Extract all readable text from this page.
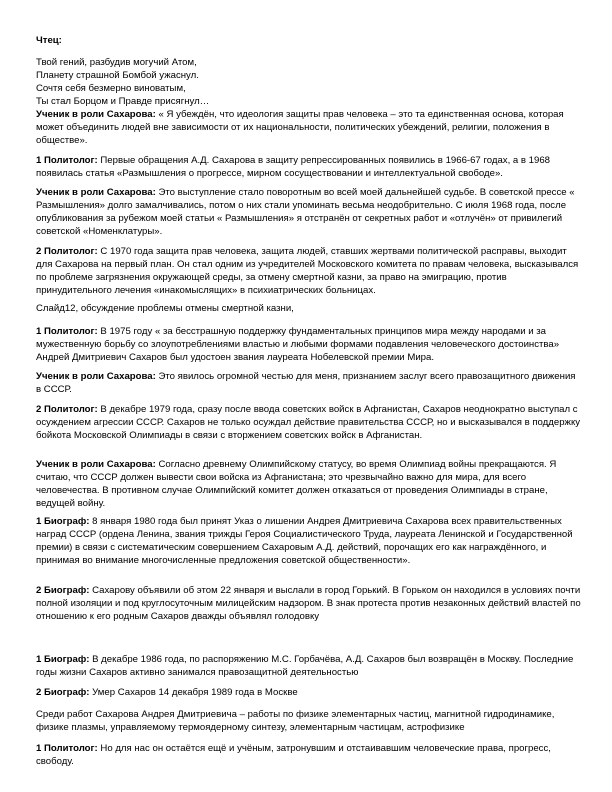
Чтец:
Твой гений, разбудив могучий Атом,
Планету страшной Бомбой ужаснул.
Сочтя себя безмерно виноватым,
Ты стал Борцом и Правде присягнул…

Ученик в роли Сахарова: « Я убеждён, что идеология защиты прав человека – это та единственная основа, которая может объединить людей вне зависимости от их национальности, политических убеждений, религии, положения в обществе».

1 Политолог: Первые обращения А.Д. Сахарова в защиту репрессированных появились в 1966-67 годах, а в 1968 появилась статья «Размышления о прогрессе, мирном сосуществовании и интеллектуальной свободе».

Ученик в роли Сахарова: Это выступление стало поворотным во всей моей дальнейшей судьбе. В советской прессе « Размышления» долго замалчивались, потом о них стали упоминать весьма неодобрительно. С июля 1968 года, после опубликования за рубежом моей статьи « Размышления» я отстранён от секретных работ и «отлучён» от привилегий советской «Номенклатуры».

2 Политолог: С 1970 года защита прав человека, защита людей, ставших жертвами политической расправы, выходит для Сахарова на первый план. Он стал одним из учредителей Московского комитета по правам человека, высказывался по проблеме загрязнения окружающей среды, за отмену смертной казни, за право на эмиграцию, против принудительного лечения «инакомыслящих» в психиатрических больницах.

Слайд12, обсуждение проблемы отмены смертной казни,

1 Политолог: В 1975 году « за бесстрашную поддержку фундаментальных принципов мира между народами и за мужественную борьбу со злоупотреблениями властью и любыми формами подавления человеческого достоинства» Андрей Дмитриевич Сахаров был удостоен звания лауреата Нобелевской премии Мира.

Ученик в роли Сахарова: Это явилось огромной честью для меня, признанием заслуг всего правозащитного движения в СССР.

2 Политолог: В декабре 1979 года, сразу после ввода советских войск в Афганистан, Сахаров неоднократно выступал с осуждением агрессии СССР. Сахаров не только осуждал действие правительства СССР, но и высказывался в поддержку бойкота Московской Олимпиады в связи с вторжением советских войск в Афганистан.

Ученик в роли Сахарова: Согласно древнему Олимпийскому статусу, во время Олимпиад войны прекращаются. Я считаю, что СССР должен вывести свои войска из Афганистана; это чрезвычайно важно для мира, для всего человечества. В противном случае Олимпийский комитет должен отказаться от проведения Олимпиады в стране, ведущей войну.

1 Биограф: 8 января 1980 года был принят Указ о лишении Андрея Дмитриевича Сахарова всех правительственных наград СССР (ордена Ленина, звания трижды Героя Социалистического Труда, лауреата Ленинской и Государственной премии) в связи с систематическим совершением Сахаровым А.Д. действий, порочащих его как награждённого, и принимая во внимание многочисленные предложения советской общественности».

2 Биограф: Сахарову объявили об этом 22 января и выслали в город Горький. В Горьком он находился в условиях почти полной изоляции и под круглосуточным милицейским надзором. В знак протеста против незаконных действий властей по отношению к его родным Сахаров дважды объявлял голодовку

1 Биограф: В декабре 1986 года, по распоряжению М.С. Горбачёва, А.Д. Сахаров был возвращён в Москву. Последние годы жизни Сахаров активно занимался правозащитной деятельностью

2 Биограф: Умер Сахаров 14 декабря 1989 года в Москве

Среди работ Сахарова Андрея Дмитриевича – работы по физике элементарных частиц, магнитной гидродинамике, физике плазмы, управляемому термоядерному синтезу, элементарным частицам, астрофизике

1 Политолог: Но для нас он остаётся ещё и учёным, затронувшим и отстаивавшим человеческие права, прогресс, свободу.
